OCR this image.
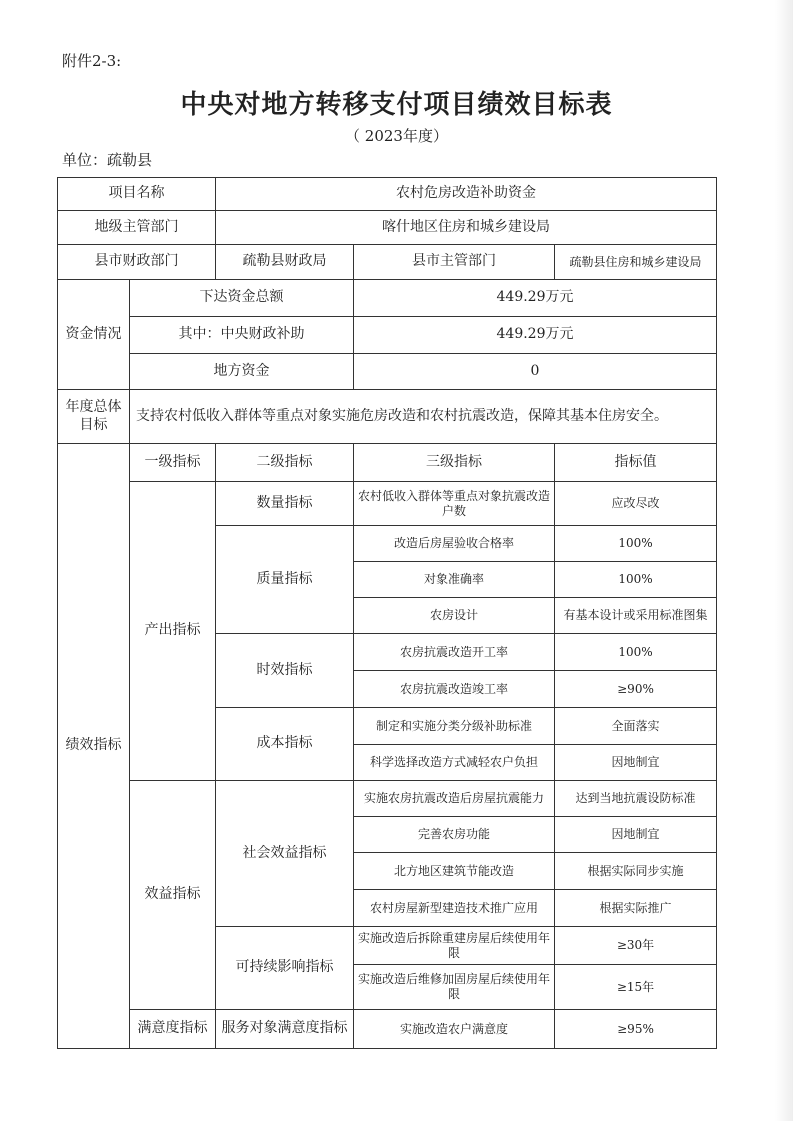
附件2-3:
中央对地方转移支付项目绩效目标表
（ 2023年度）
单位：疏勒县
项目名称		农村危房改造补助资金		
地级主管部门		喀什地区住房和城乡建设局		
县市财政部门		疏勒县财政局	县市主管部门	疏勒县住房和城乡建设局
资金情况	下达资金总额		449.29万元	
	其中：中央财政补助		449.29万元	
	地方资金		0	
年度总体目标	支持农村低收入群体等重点对象实施危房改造和农村抗震改造，保障其基本住房安全。			
绩效指标	一级指标	二级指标	三级指标	指标值
	产出指标	数量指标	农村低收入群体等重点对象抗震改造户数	应改尽改
		质量指标	改造后房屋验收合格率	100%
			对象准确率	100%
			农房设计	有基本设计或采用标准图集
		时效指标	农房抗震改造开工率	100%
			农房抗震改造竣工率	≥90%
		成本指标	制定和实施分类分级补助标准	全面落实
			科学选择改造方式减轻农户负担	因地制宜
	效益指标	社会效益指标	实施农房抗震改造后房屋抗震能力	达到当地抗震设防标准
			完善农房功能	因地制宜
			北方地区建筑节能改造	根据实际同步实施
			农村房屋新型建造技术推广应用	根据实际推广
		可持续影响指标	实施改造后拆除重建房屋后续使用年限	≥30年
			实施改造后维修加固房屋后续使用年限	≥15年
	满意度指标	服务对象满意度指标	实施改造农户满意度	≥95%
